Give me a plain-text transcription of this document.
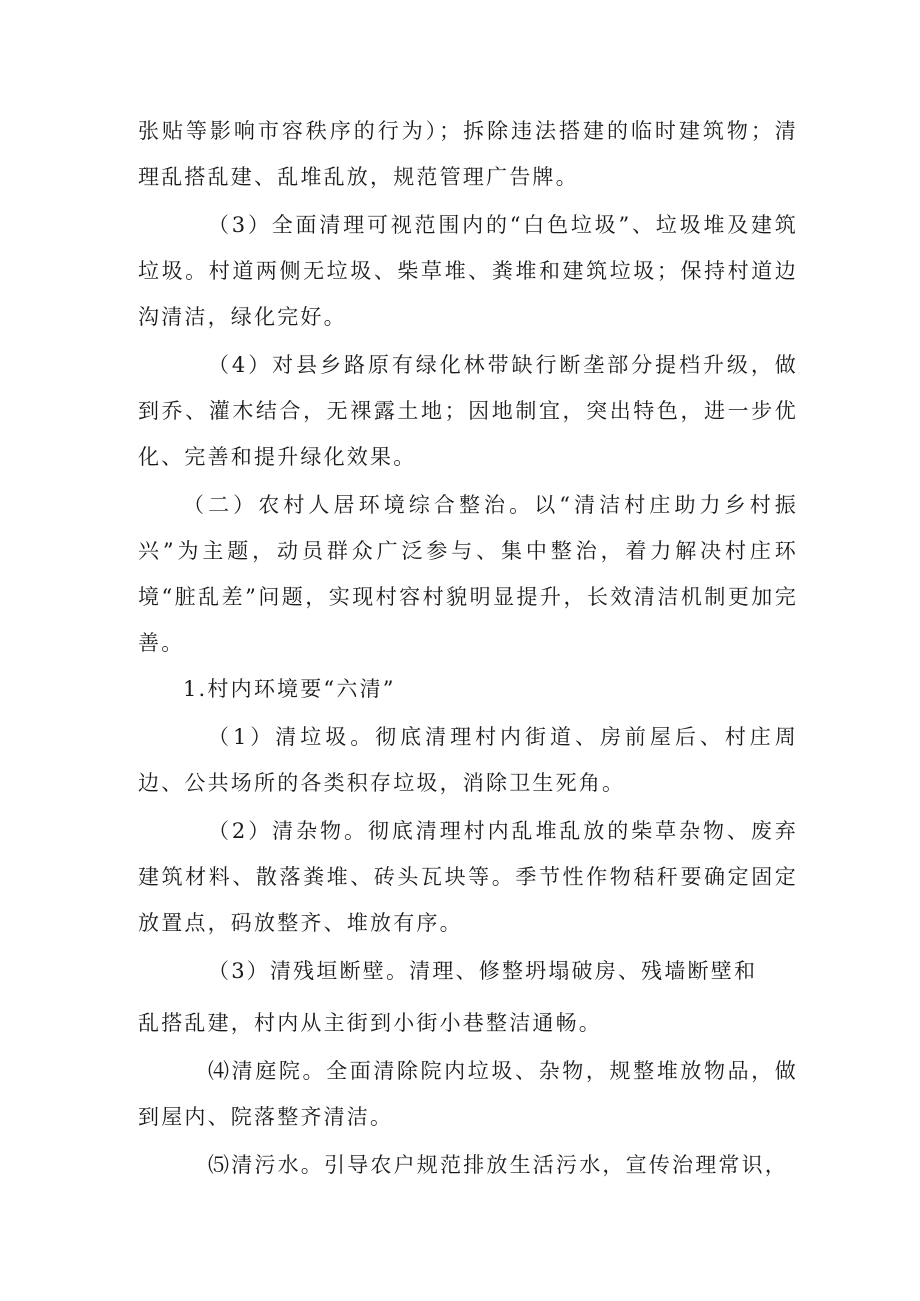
张贴等影响市容秩序的行为）；拆除违法搭建的临时建筑物；清理乱搭乱建、乱堆乱放，规范管理广告牌。

（3）全面清理可视范围内的“白色垃圾”、垃圾堆及建筑垃圾。村道两侧无垃圾、柴草堆、粪堆和建筑垃圾；保持村道边沟清洁，绿化完好。

（4）对县乡路原有绿化林带缺行断垄部分提档升级，做到乔、灌木结合，无裸露土地；因地制宜，突出特色，进一步优化、完善和提升绿化效果。

（二）农村人居环境综合整治。以“清洁村庄助力乡村振兴”为主题，动员群众广泛参与、集中整治，着力解决村庄环境“脏乱差”问题，实现村容村貌明显提升，长效清洁机制更加完善。

1.村内环境要“六清”

（1）清垃圾。彻底清理村内街道、房前屋后、村庄周边、公共场所的各类积存垃圾，消除卫生死角。

（2）清杂物。彻底清理村内乱堆乱放的柴草杂物、废弃建筑材料、散落粪堆、砖头瓦块等。季节性作物秸秆要确定固定放置点，码放整齐、堆放有序。

（3）清残垣断壁。清理、修整坍塌破房、残墙断壁和

乱搭乱建，村内从主街到小街小巷整洁通畅。

⑷清庭院。全面清除院内垃圾、杂物，规整堆放物品，做到屋内、院落整齐清洁。

⑸清污水。引导农户规范排放生活污水，宣传治理常识，
